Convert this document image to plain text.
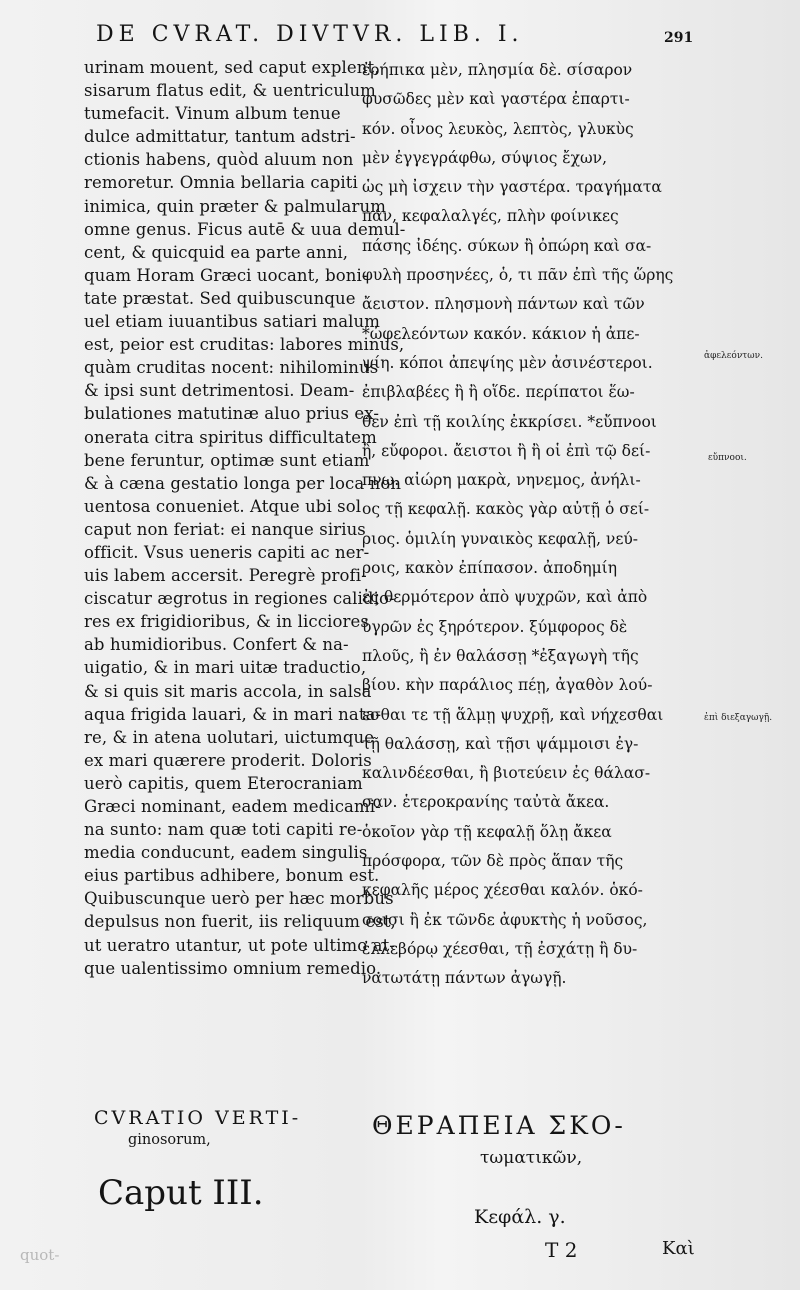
DE CVRAT. DIVTVR. LIB. I.	291
urinam mouent, sed caput explent,
sisarum flatus edit, & uentriculum
tumefacit. Vinum album tenue
dulce admittatur, tantum adstri-
ctionis habens, quòd aluum non
remoretur. Omnia bellaria capiti
inimica, quin præter & palmularum
omne genus. Ficus autē & uua demul-
cent, & quicquid ea parte anni,
quam Horam Græci uocant, boni-
tate præstat. Sed quibuscunque
uel etiam iuuantibus satiari malum
est, peior est cruditas: labores minus,
quàm cruditas nocent: nihilominus
& ipsi sunt detrimentosi. Deam-
bulationes matutinæ aluo prius ex-
onerata citra spiritus difficultatem
bene feruntur, optimæ sunt etiam
& à cæna gestatio longa per loca non
uentosa conueniet. Atque ubi sol
caput non feriat: ei nanque sirius
officit. Vsus ueneris capiti ac ner-
uis labem accersit. Peregrè profi-
ciscatur ægrotus in regiones calidio-
res ex frigidioribus, & in licciores
ab humidioribus. Confert & na-
uigatio, & in mari uitæ traductio,
& si quis sit maris accola, in salsa
aqua frigida lauari, & in mari nata-
re, & in atena uolutari, uictumque
ex mari quærere proderit. Doloris
uerò capitis, quem Eterocraniam
Græci nominant, eadem medicami-
na sunto: nam quæ toti capiti re-
media conducunt, eadem singulis
eius partibus adhibere, bonum est.
Quibuscunque uerò per hæc morbus
depulsus non fuerit, iis reliquum est,
ut ueratro utantur, ut pote ultimo at-
que ualentissimo omnium remedio.
ἐρήπικα μὲν, πλησμία δὲ. σίσαρον
φυσῶδες μὲν καὶ γαστέρα ἐπαρτι-
κόν. οἶνος λευκὸς, λεπτὸς, γλυκὺς
μὲν ἐγγεγράφθω, σύψιος ἔχων,
ὡς μὴ ἰσχειν τὴν γαστέρα. τραγήματα
πάν, κεφαλαλγές, πλὴν φοίνικες
πάσης ἰδέης. σύκων ἢ ὀπώρη καὶ σα-
φυλὴ προσηνέες, ὁ, τι πᾶν ἐπὶ τῆς ὥρης
ἄειστον. πλησμονὴ πάντων καὶ τῶν
*ὠφελεόντων κακόν. κάκιον ἡ ἀπε-
ψίη. κόποι ἀπεψίης μὲν ἀσινέστεροι.
ἐπιβλαβέες ἢ ἢ οἵδε. περίπατοι ἕω-
θεν ἐπὶ τῇ κοιλίης ἐκκρίσει. *εὔπνοοι
ἢ, εὔφοροι. ἄειστοι ἢ ἢ οἱ ἐπὶ τῷ δεί-
πνῳ. αἰώρη μακρὰ, νηνεμος, ἀνήλι-
ος τῇ κεφαλῇ. κακὸς γὰρ αὐτῇ ὁ σεί-
ριος. ὁμιλίη γυναικὸς κεφαλῇ, νεύ-
ροις, κακὸν ἐπίπασον. ἀποδημίη
ἐς θερμότερον ἀπὸ ψυχρῶν, καὶ ἀπὸ
ὑγρῶν ἐς ξηρότερον. ξύμφορος δὲ
πλοῦς, ἢ ἐν θαλάσσῃ *ἐξαγωγὴ τῆς
βίου. κὴν παράλιος πέῃ, ἀγαθὸν λού-
εσθαι τε τῇ ἅλμῃ ψυχρῇ, καὶ νήχεσθαι
τῇ θαλάσσῃ, καὶ τῇσι ψάμμοισι ἐγ-
καλινδέεσθαι, ἢ βιοτεύειν ἐς θάλασ-
σαν. ἑτεροκρανίης ταὐτὰ ἄκεα.
ὁκοῖον γὰρ τῇ κεφαλῇ ὅλῃ ἄκεα
πρόσφορα, τῶν δὲ πρὸς ἅπαν τῆς
κεφαλῆς μέρος χέεσθαι καλόν. ὁκό-
σοισι ἢ ἐκ τῶνδε ἀφυκτὴς ἡ νοῦσος,
ἐλλεβόρῳ χέεσθαι, τῇ ἐσχάτῃ ἢ δυ-
νατωτάτῃ πάντων ἀγωγῇ.
ἀφελεόντων.
εὔπνοοι.
ἐπὶ διεξαγωγῇ.
CVRATIO VERTI-
ginosorum,
Caput III.
ΘΕΡΑΠΕΙΑ ΣΚΟ-
τωματικῶν,
Κεφάλ. γ.
T 2	Καὶ
quot-
